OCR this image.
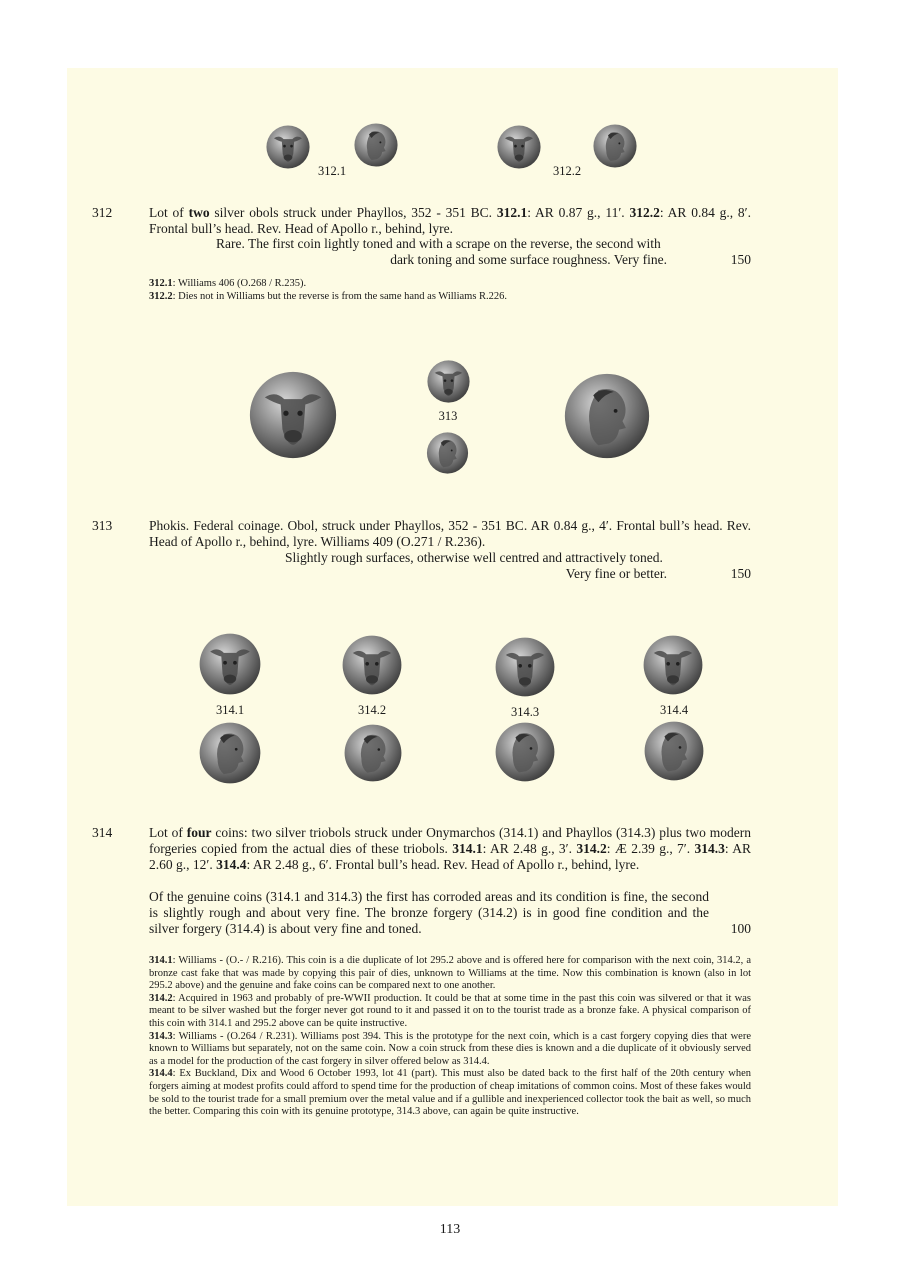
312.1	312.2
312	Lot of two silver obols struck under Phayllos, 352 - 351 BC. 312.1: AR 0.87 g., 11′. 312.2: AR 0.84 g., 8′. Frontal bull’s head. Rev. Head of Apollo r., behind, lyre.
Rare. The first coin lightly toned and with a scrape on the reverse, the second with
dark toning and some surface roughness. Very fine.	150

312.1: Williams 406 (O.268 / R.235).

312.2: Dies not in Williams but the reverse is from the same hand as Williams R.226.

313
313	Phokis. Federal coinage. Obol, struck under Phayllos, 352 - 351 BC. AR 0.84 g., 4′. Frontal bull’s head. Rev. Head of Apollo r., behind, lyre. Williams 409 (O.271 / R.236).
Slightly rough surfaces, otherwise well centred and attractively toned.
Very fine or better.	150
314.1	314.2	314.3	314.4
314	Lot of four coins: two silver triobols struck under Onymarchos (314.1) and Phayllos (314.3) plus two modern forgeries copied from the actual dies of these triobols. 314.1: AR 2.48 g., 3′. 314.2: Æ 2.39 g., 7′. 314.3: AR 2.60 g., 12′. 314.4: AR 2.48 g., 6′. Frontal bull’s head. Rev. Head of Apollo r., behind, lyre.
Of the genuine coins (314.1 and 314.3) the first has corroded areas and its condition is fine, the second is slightly rough and about very fine. The bronze forgery (314.2) is in good fine condition and the silver forgery (314.4) is about very fine and toned.	100

314.1: Williams - (O.- / R.216). This coin is a die duplicate of lot 295.2 above and is offered here for comparison with the next coin, 314.2, a bronze cast fake that was made by copying this pair of dies, unknown to Williams at the time. Now this combination is known (also in lot 295.2 above) and the genuine and fake coins can be compared next to one another.

314.2: Acquired in 1963 and probably of pre-WWII production. It could be that at some time in the past this coin was silvered or that it was meant to be silver washed but the forger never got round to it and passed it on to the tourist trade as a bronze fake. A physical comparison of this coin with 314.1 and 295.2 above can be quite instructive.

314.3: Williams - (O.264 / R.231). Williams post 394. This is the prototype for the next coin, which is a cast forgery copying dies that were known to Williams but separately, not on the same coin. Now a coin struck from these dies is known and a die duplicate of it obviously served as a model for the production of the cast forgery in silver offered below as 314.4.

314.4: Ex Buckland, Dix and Wood 6 October 1993, lot 41 (part). This must also be dated back to the first half of the 20th century when forgers aiming at modest profits could afford to spend time for the production of cheap imitations of common coins. Most of these fakes would be sold to the tourist trade for a small premium over the metal value and if a gullible and inexperienced collector took the bait as well, so much the better. Comparing this coin with its genuine prototype, 314.3 above, can again be quite instructive.

113
